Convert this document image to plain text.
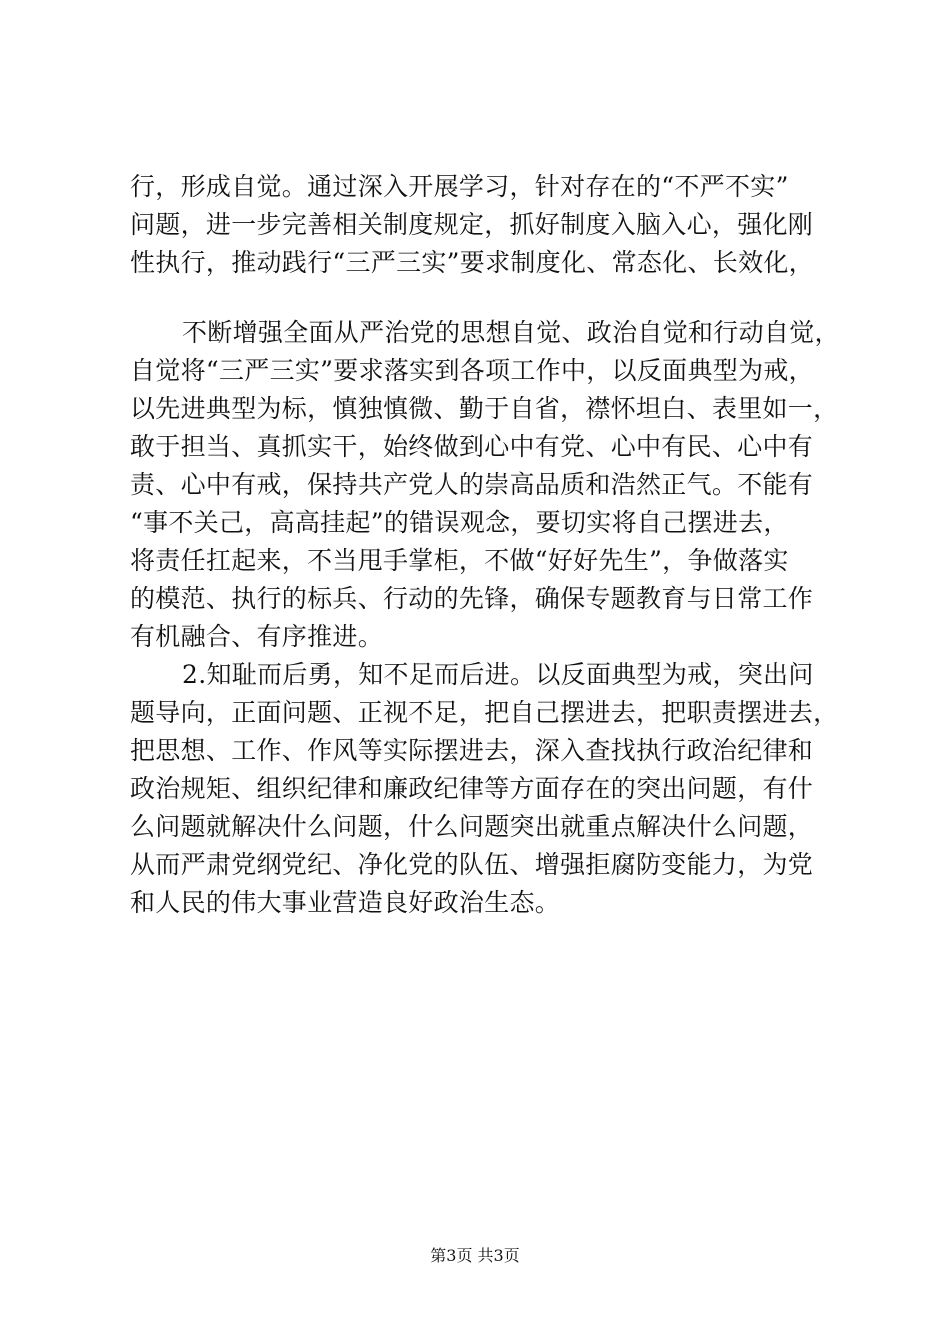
行，形成自觉。通过深入开展学习，针对存在的“不严不实”
问题，进一步完善相关制度规定，抓好制度入脑入心，强化刚
性执行，推动践行“三严三实”要求制度化、常态化、长效化，
不断增强全面从严治党的思想自觉、政治自觉和行动自觉，
自觉将“三严三实”要求落实到各项工作中，以反面典型为戒，
以先进典型为标，慎独慎微、勤于自省，襟怀坦白、表里如一，
敢于担当、真抓实干，始终做到心中有党、心中有民、心中有
责、心中有戒，保持共产党人的崇高品质和浩然正气。不能有
“事不关己，高高挂起”的错误观念，要切实将自己摆进去，
将责任扛起来，不当甩手掌柜，不做“好好先生”，争做落实
的模范、执行的标兵、行动的先锋，确保专题教育与日常工作
有机融合、有序推进。
2.知耻而后勇，知不足而后进。以反面典型为戒，突出问
题导向，正面问题、正视不足，把自己摆进去，把职责摆进去，
把思想、工作、作风等实际摆进去，深入查找执行政治纪律和
政治规矩、组织纪律和廉政纪律等方面存在的突出问题，有什
么问题就解决什么问题，什么问题突出就重点解决什么问题，
从而严肃党纲党纪、净化党的队伍、增强拒腐防变能力，为党
和人民的伟大事业营造良好政治生态。
第3页 共3页
